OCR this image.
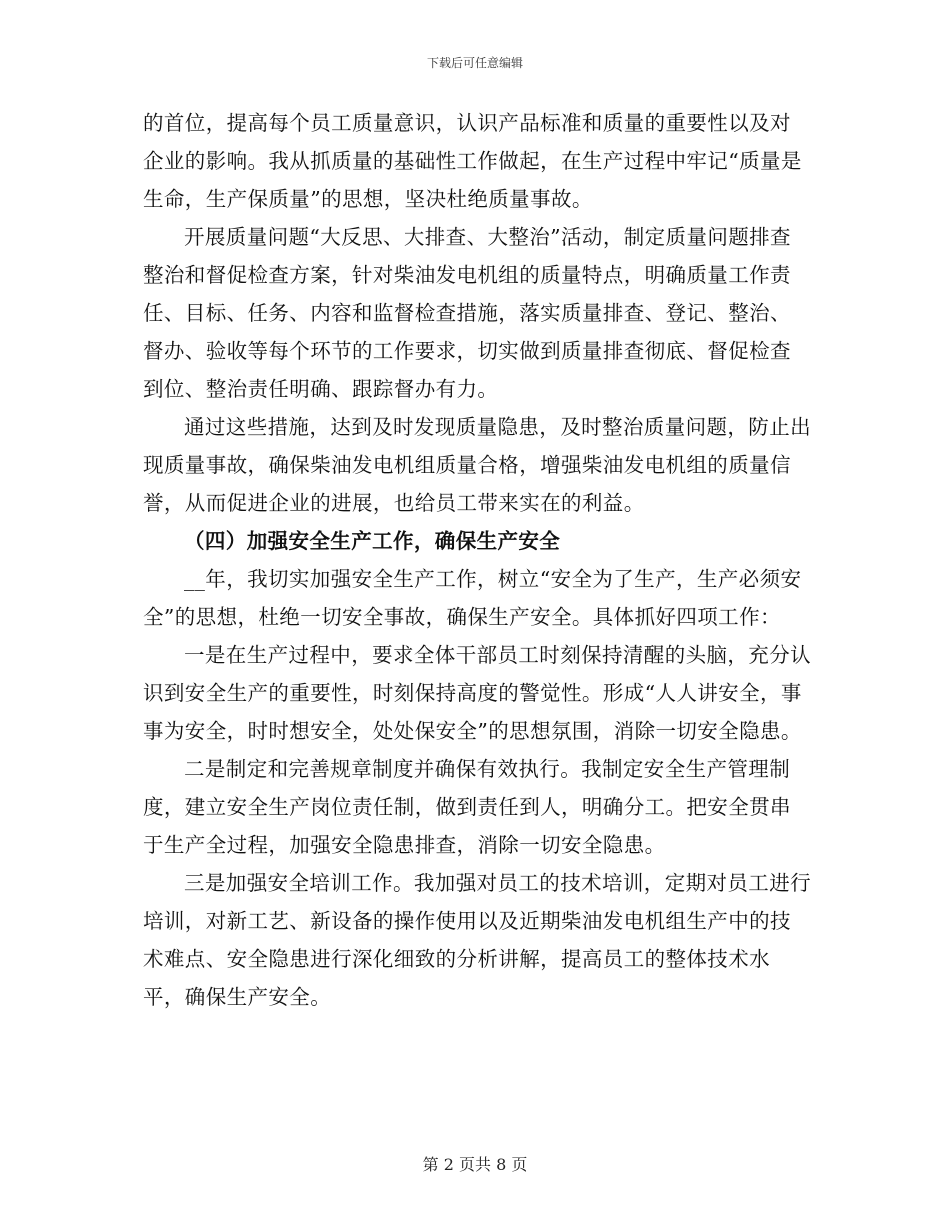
下载后可任意编辑

的首位，提高每个员工质量意识，认识产品标准和质量的重要性以及对企业的影响。我从抓质量的基础性工作做起，在生产过程中牢记“质量是生命，生产保质量”的思想，坚决杜绝质量事故。

开展质量问题“大反思、大排查、大整治”活动，制定质量问题排查整治和督促检查方案，针对柴油发电机组的质量特点，明确质量工作责任、目标、任务、内容和监督检查措施，落实质量排查、登记、整治、督办、验收等每个环节的工作要求，切实做到质量排查彻底、督促检查到位、整治责任明确、跟踪督办有力。

通过这些措施，达到及时发现质量隐患，及时整治质量问题，防止出现质量事故，确保柴油发电机组质量合格，增强柴油发电机组的质量信誉，从而促进企业的进展，也给员工带来实在的利益。

（四）加强安全生产工作，确保生产安全

__年，我切实加强安全生产工作，树立“安全为了生产，生产必须安全”的思想，杜绝一切安全事故，确保生产安全。具体抓好四项工作：

一是在生产过程中，要求全体干部员工时刻保持清醒的头脑，充分认识到安全生产的重要性，时刻保持高度的警觉性。形成“人人讲安全，事事为安全，时时想安全，处处保安全”的思想氛围，消除一切安全隐患。

二是制定和完善规章制度并确保有效执行。我制定安全生产管理制度，建立安全生产岗位责任制，做到责任到人，明确分工。把安全贯串于生产全过程，加强安全隐患排查，消除一切安全隐患。

三是加强安全培训工作。我加强对员工的技术培训，定期对员工进行培训，对新工艺、新设备的操作使用以及近期柴油发电机组生产中的技术难点、安全隐患进行深化细致的分析讲解，提高员工的整体技术水平，确保生产安全。

第 2 页共 8 页
